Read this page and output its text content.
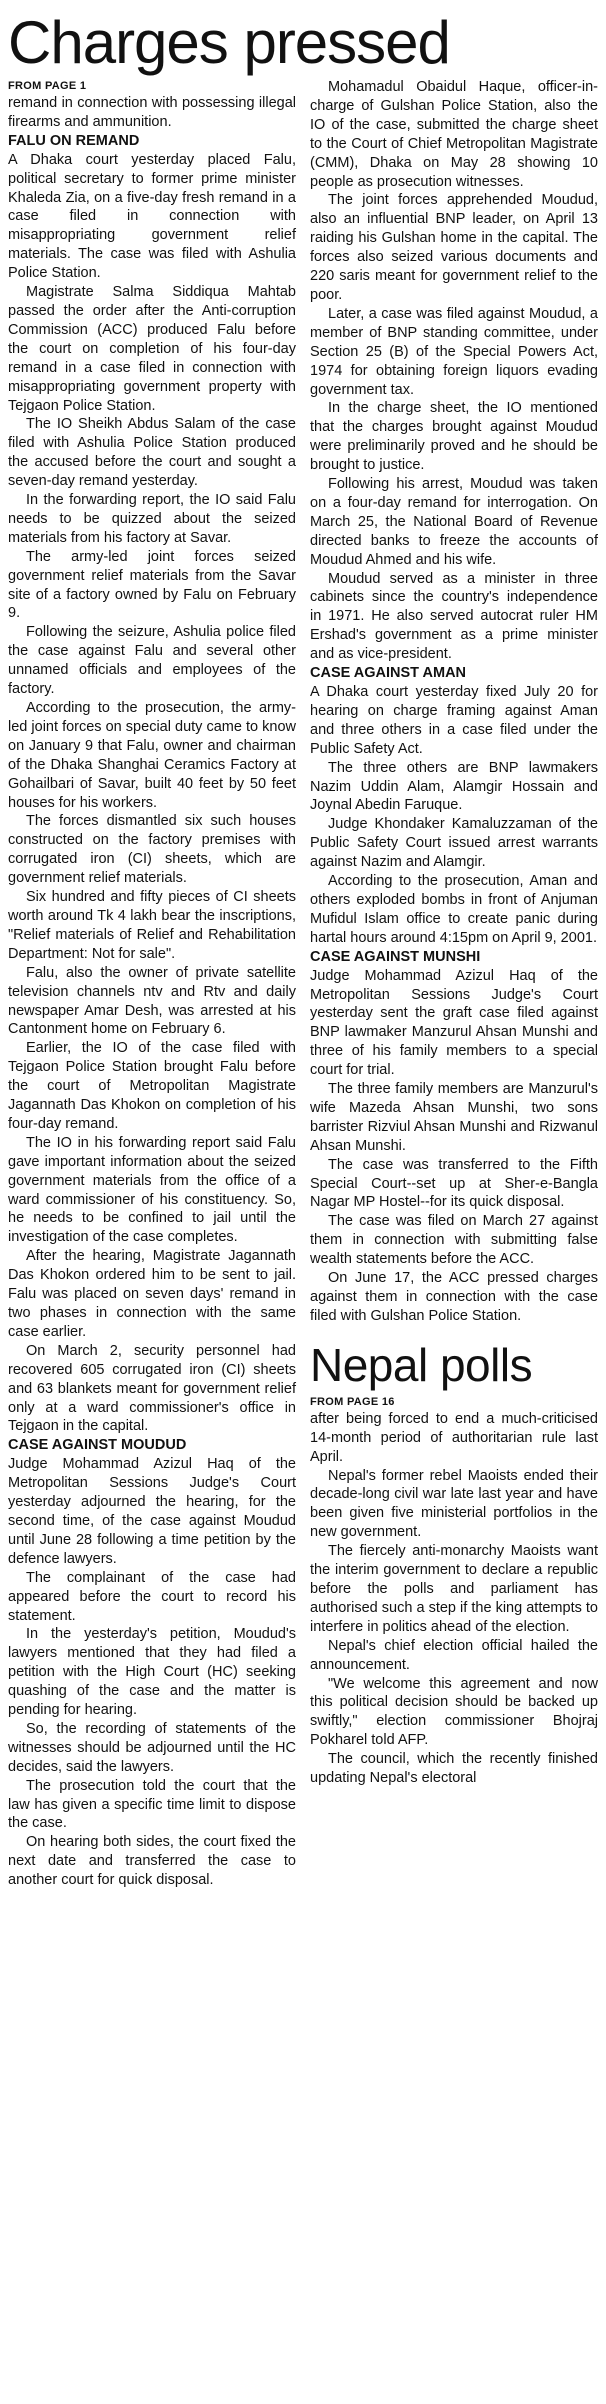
Charges pressed

FROM PAGE 1

remand in connection with possessing illegal firearms and ammunition.

FALU ON REMAND

A Dhaka court yesterday placed Falu, political secretary to former prime minister Khaleda Zia, on a five-day fresh remand in a case filed in connection with misappropriating government relief materials. The case was filed with Ashulia Police Station.

Magistrate Salma Siddiqua Mahtab passed the order after the Anti-corruption Commission (ACC) produced Falu before the court on completion of his four-day remand in a case filed in connection with misappropriating government property with Tejgaon Police Station.

The IO Sheikh Abdus Salam of the case filed with Ashulia Police Station produced the accused before the court and sought a seven-day remand yesterday.

In the forwarding report, the IO said Falu needs to be quizzed about the seized materials from his factory at Savar.

The army-led joint forces seized government relief materials from the Savar site of a factory owned by Falu on February 9.

Following the seizure, Ashulia police filed the case against Falu and several other unnamed officials and employees of the factory.

According to the prosecution, the army-led joint forces on special duty came to know on January 9 that Falu, owner and chairman of the Dhaka Shanghai Ceramics Factory at Gohailbari of Savar, built 40 feet by 50 feet houses for his workers.

The forces dismantled six such houses constructed on the factory premises with corrugated iron (CI) sheets, which are government relief materials.

Six hundred and fifty pieces of CI sheets worth around Tk 4 lakh bear the inscriptions, "Relief materials of Relief and Rehabilitation Department: Not for sale".

Falu, also the owner of private satellite television channels ntv and Rtv and daily newspaper Amar Desh, was arrested at his Cantonment home on February 6.

Earlier, the IO of the case filed with Tejgaon Police Station brought Falu before the court of Metropolitan Magistrate Jagannath Das Khokon on completion of his four-day remand.

The IO in his forwarding report said Falu gave important information about the seized government materials from the office of a ward commissioner of his constituency. So, he needs to be confined to jail until the investigation of the case completes.

After the hearing, Magistrate Jagannath Das Khokon ordered him to be sent to jail. Falu was placed on seven days' remand in two phases in connection with the same case earlier.

On March 2, security personnel had recovered 605 corrugated iron (CI) sheets and 63 blankets meant for government relief only at a ward commissioner's office in Tejgaon in the capital.

CASE AGAINST MOUDUD

Judge Mohammad Azizul Haq of the Metropolitan Sessions Judge's Court yesterday adjourned the hearing, for the second time, of the case against Moudud until June 28 following a time petition by the defence lawyers.

The complainant of the case had appeared before the court to record his statement.

In the yesterday's petition, Moudud's lawyers mentioned that they had filed a petition with the High Court (HC) seeking quashing of the case and the matter is pending for hearing.

So, the recording of statements of the witnesses should be adjourned until the HC decides, said the lawyers.

The prosecution told the court that the law has given a specific time limit to dispose the case.

On hearing both sides, the court fixed the next date and transferred the case to another court for quick disposal.

Mohamadul Obaidul Haque, officer-in-charge of Gulshan Police Station, also the IO of the case, submitted the charge sheet to the Court of Chief Metropolitan Magistrate (CMM), Dhaka on May 28 showing 10 people as prosecution witnesses.

The joint forces apprehended Moudud, also an influential BNP leader, on April 13 raiding his Gulshan home in the capital. The forces also seized various documents and 220 saris meant for government relief to the poor.

Later, a case was filed against Moudud, a member of BNP standing committee, under Section 25 (B) of the Special Powers Act, 1974 for obtaining foreign liquors evading government tax.

In the charge sheet, the IO mentioned that the charges brought against Moudud were preliminarily proved and he should be brought to justice.

Following his arrest, Moudud was taken on a four-day remand for interrogation. On March 25, the National Board of Revenue directed banks to freeze the accounts of Moudud Ahmed and his wife.

Moudud served as a minister in three cabinets since the country's independence in 1971. He also served autocrat ruler HM Ershad's government as a prime minister and as vice-president.

CASE AGAINST AMAN

A Dhaka court yesterday fixed July 20 for hearing on charge framing against Aman and three others in a case filed under the Public Safety Act.

The three others are BNP lawmakers Nazim Uddin Alam, Alamgir Hossain and Joynal Abedin Faruque.

Judge Khondaker Kamaluzzaman of the Public Safety Court issued arrest warrants against Nazim and Alamgir.

According to the prosecution, Aman and others exploded bombs in front of Anjuman Mufidul Islam office to create panic during hartal hours around 4:15pm on April 9, 2001.

CASE AGAINST MUNSHI

Judge Mohammad Azizul Haq of the Metropolitan Sessions Judge's Court yesterday sent the graft case filed against BNP lawmaker Manzurul Ahsan Munshi and three of his family members to a special court for trial.

The three family members are Manzurul's wife Mazeda Ahsan Munshi, two sons barrister Rizviul Ahsan Munshi and Rizwanul Ahsan Munshi.

The case was transferred to the Fifth Special Court--set up at Sher-e-Bangla Nagar MP Hostel--for its quick disposal.

The case was filed on March 27 against them in connection with submitting false wealth statements before the ACC.

On June 17, the ACC pressed charges against them in connection with the case filed with Gulshan Police Station.

Nepal polls

FROM PAGE 16

after being forced to end a much-criticised 14-month period of authoritarian rule last April.

Nepal's former rebel Maoists ended their decade-long civil war late last year and have been given five ministerial portfolios in the new government.

The fiercely anti-monarchy Maoists want the interim government to declare a republic before the polls and parliament has authorised such a step if the king attempts to interfere in politics ahead of the election.

Nepal's chief election official hailed the announcement.

"We welcome this agreement and now this political decision should be backed up swiftly," election commissioner Bhojraj Pokharel told AFP.

The council, which the recently finished updating Nepal's electoral
